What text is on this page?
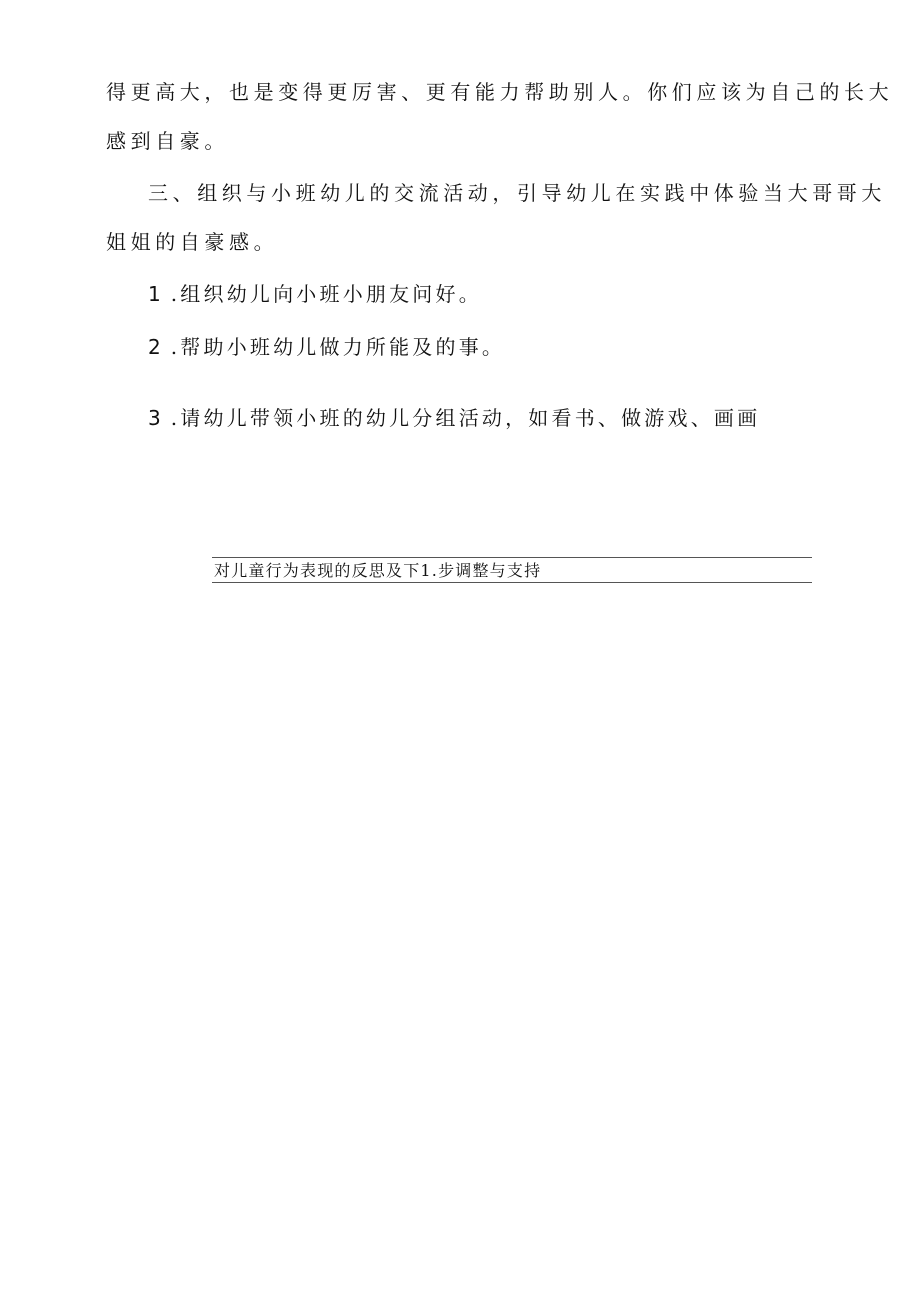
得更高大，也是变得更厉害、更有能力帮助别人。你们应该为自己的长大
感到自豪。
三、组织与小班幼儿的交流活动，引导幼儿在实践中体验当大哥哥大
姐姐的自豪感。
1 .组织幼儿向小班小朋友问好。
2 .帮助小班幼儿做力所能及的事。
3 .请幼儿带领小班的幼儿分组活动，如看书、做游戏、画画
对儿童行为表现的反思及下1.步调整与支持
